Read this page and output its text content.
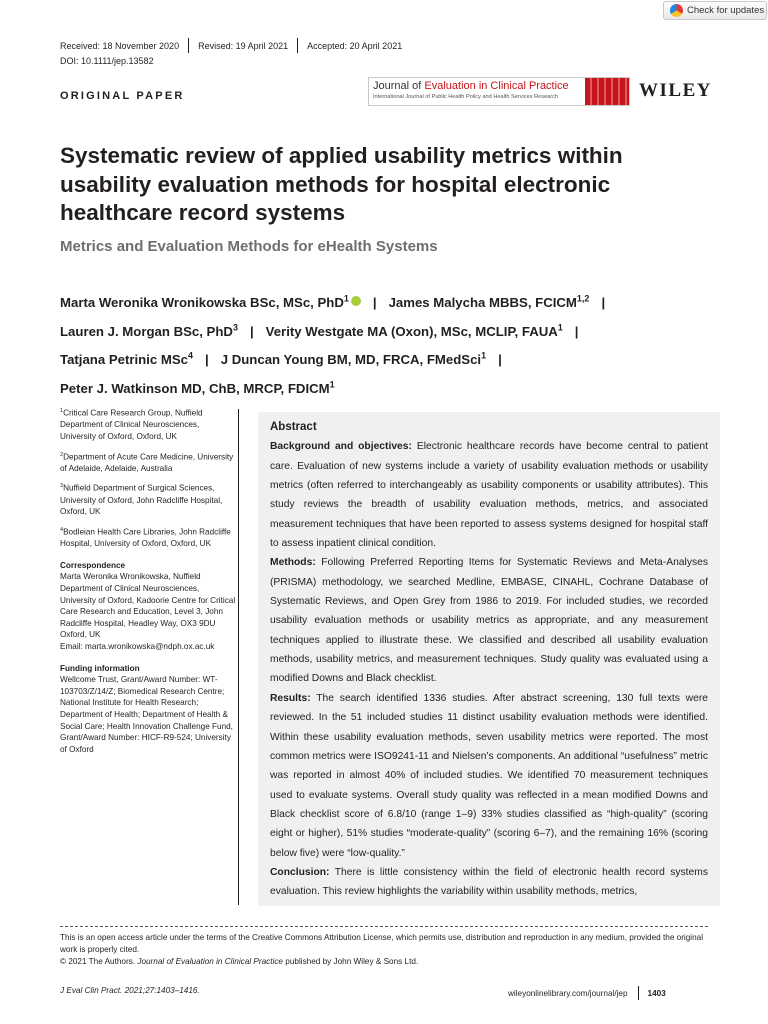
Check for updates
Received: 18 November 2020 Revised: 19 April 2021 Accepted: 20 April 2021
DOI: 10.1111/jep.13582
ORIGINAL PAPER
Journal of Evaluation in Clinical Practice
International Journal of Public Health Policy and Health Services Research	WILEY
Systematic review of applied usability metrics within usability evaluation methods for hospital electronic healthcare record systems
Metrics and Evaluation Methods for eHealth Systems
Marta Weronika Wronikowska BSc, MSc, PhD$^1$ | James Malycha MBBS, FCICM$^{1,2}$ |
Lauren J. Morgan BSc, PhD$^3$ | Verity Westgate MA (Oxon), MSc, MCLIP, FAUA$^1$ |
Tatjana Petrinic MSc$^4$ | J Duncan Young BM, MD, FRCA, FMedSci$^1$ |
Peter J. Watkinson MD, ChB, MRCP, FDICM$^1$

$^1$Critical Care Research Group, Nuffield Department of Clinical Neurosciences, University of Oxford, Oxford, UK

$^2$Department of Acute Care Medicine, University of Adelaide, Adelaide, Australia

$^3$Nuffield Department of Surgical Sciences, University of Oxford, John Radcliffe Hospital, Oxford, UK

$^4$Bodleian Health Care Libraries, John Radcliffe Hospital, University of Oxford, Oxford, UK

Correspondence
Marta Weronika Wronikowska, Nuffield Department of Clinical Neurosciences, University of Oxford, Kadoorie Centre for Critical Care Research and Education, Level 3, John Radcliffe Hospital, Headley Way, OX3 9DU Oxford, UK

Email: marta.wronikowska@ndph.ox.ac.uk

Funding information
Wellcome Trust, Grant/Award Number: WT-103703/Z/14/Z; Biomedical Research Centre; National Institute for Health Research; Department of Health; Department of Health & Social Care; Health Innovation Challenge Fund, Grant/Award Number: HICF-R9-524; University of Oxford
Abstract

Background and objectives: Electronic healthcare records have become central to patient care. Evaluation of new systems include a variety of usability evaluation methods or usability metrics (often referred to interchangeably as usability components or usability attributes). This study reviews the breadth of usability evaluation methods, metrics, and associated measurement techniques that have been reported to assess systems designed for hospital staff to assess inpatient clinical condition.

Methods: Following Preferred Reporting Items for Systematic Reviews and Meta-Analyses (PRISMA) methodology, we searched Medline, EMBASE, CINAHL, Cochrane Database of Systematic Reviews, and Open Grey from 1986 to 2019. For included studies, we recorded usability evaluation methods or usability metrics as appropriate, and any measurement techniques applied to illustrate these. We classified and described all usability evaluation methods, usability metrics, and measurement techniques. Study quality was evaluated using a modified Downs and Black checklist.

Results: The search identified 1336 studies. After abstract screening, 130 full texts were reviewed. In the 51 included studies 11 distinct usability evaluation methods were identified. Within these usability evaluation methods, seven usability metrics were reported. The most common metrics were ISO9241-11 and Nielsen's components. An additional “usefulness” metric was reported in almost 40% of included studies. We identified 70 measurement techniques used to evaluate systems. Overall study quality was reflected in a mean modified Downs and Black checklist score of 6.8/10 (range 1–9) 33% studies classified as “high-quality” (scoring eight or higher), 51% studies “moderate-quality” (scoring 6–7), and the remaining 16% (scoring below five) were “low-quality.”

Conclusion: There is little consistency within the field of electronic health record systems evaluation. This review highlights the variability within usability methods, metrics,

This is an open access article under the terms of the Creative Commons Attribution License, which permits use, distribution and reproduction in any medium, provided the original work is properly cited.
© 2021 The Authors. Journal of Evaluation in Clinical Practice published by John Wiley & Sons Ltd.
J Eval Clin Pract. 2021;27:1403–1416.	wileyonlinelibrary.com/journal/jep 1403
